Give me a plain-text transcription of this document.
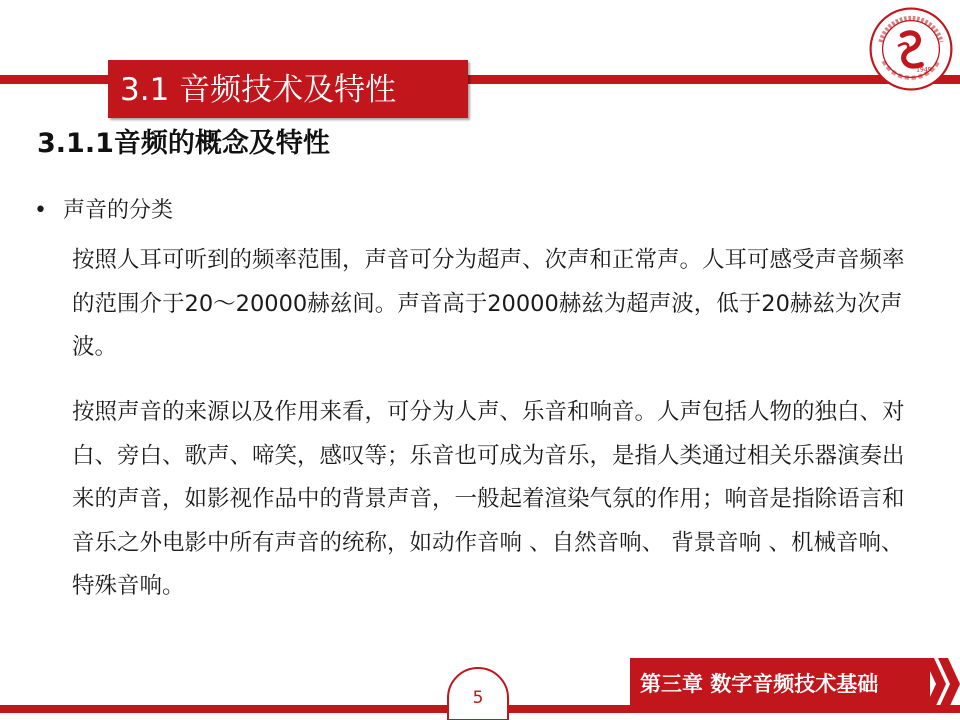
3.1 音频技术及特性
1949
3.1.1音频的概念及特性
• 声音的分类

按照人耳可听到的频率范围，声音可分为超声、次声和正常声。人耳可感受声音频率的范围介于20～20000赫兹间。声音高于20000赫兹为超声波，低于20赫兹为次声波。

按照声音的来源以及作用来看，可分为人声、乐音和响音。人声包括人物的独白、对白、旁白、歌声、啼笑，感叹等；乐音也可成为音乐，是指人类通过相关乐器演奏出来的声音，如影视作品中的背景声音，一般起着渲染气氛的作用；响音是指除语言和音乐之外电影中所有声音的统称，如动作音响 、自然音响、 背景音响 、机械音响、特殊音响。

5
第三章 数字音频技术基础
